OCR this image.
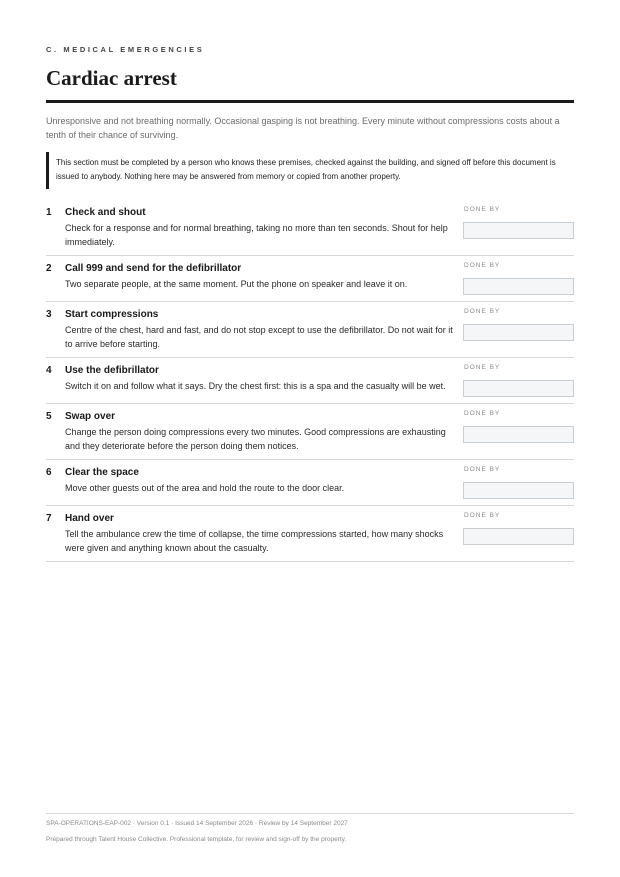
C. MEDICAL EMERGENCIES
Cardiac arrest

Unresponsive and not breathing normally. Occasional gasping is not breathing. Every minute without compressions costs about a tenth of their chance of surviving.

This section must be completed by a person who knows these premises, checked against the building, and signed off before this document is issued to anybody. Nothing here may be answered from memory or copied from another property.

1 Check and shout

Check for a response and for normal breathing, taking no more than ten seconds. Shout for help immediately.

DONE BY
2 Call 999 and send for the defibrillator

Two separate people, at the same moment. Put the phone on speaker and leave it on.

DONE BY
3 Start compressions

Centre of the chest, hard and fast, and do not stop except to use the defibrillator. Do not wait for it to arrive before starting.

DONE BY
4 Use the defibrillator

Switch it on and follow what it says. Dry the chest first: this is a spa and the casualty will be wet.

DONE BY
5 Swap over

Change the person doing compressions every two minutes. Good compressions are exhausting and they deteriorate before the person doing them notices.

DONE BY
6 Clear the space

Move other guests out of the area and hold the route to the door clear.

DONE BY
7 Hand over

Tell the ambulance crew the time of collapse, the time compressions started, how many shocks were given and anything known about the casualty.

DONE BY
SPA-OPERATIONS-EAP-002 · Version 0.1 · Issued 14 September 2026 · Review by 14 September 2027
Prepared through Talent House Collective. Professional template, for review and sign-off by the property.
